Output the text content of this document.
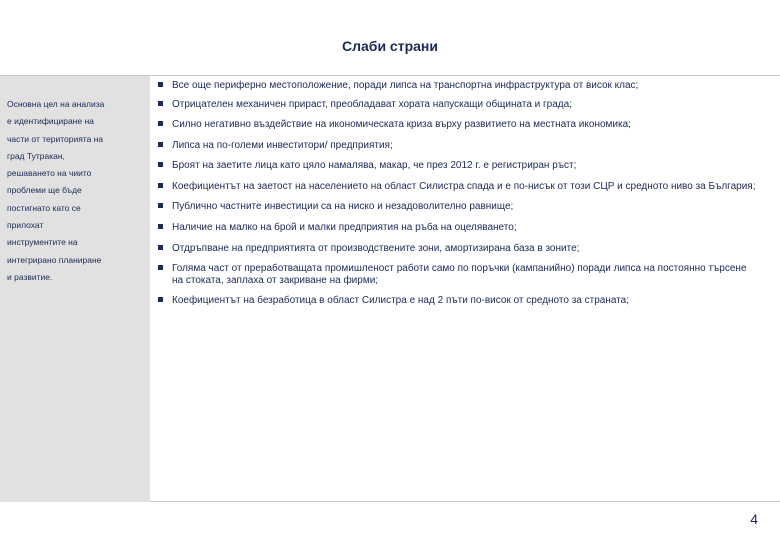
Слаби страни
Основна цел на анализа
е идентифициране на
части от територията на
град Тутракан,
решаването на чиито
проблеми ще бъде
постигнато като се
прилохат
инструментите на
интегрирано планиране
и развитие.
Все още периферно местоположение, поради липса на транспортна инфраструктура от висок клас;
Отрицателен механичен прираст, преобладават хората напускащи общината и града;
Силно негативно въздействие на икономическата криза върху развитието на местната икономика;
Липса на по-големи инвеститори/ предприятия;
Броят на заетите лица като цяло намалява, макар, че през 2012 г. е регистриран ръст;
Коефициентът на заетост на населението на област Силистра спада и е по-нисък от този СЦР и средното ниво за България;
Публично частните инвестиции са на ниско и незадоволително равнище;
Наличие на малко на брой и малки предприятия на ръба на оцеляването;
Отдръпване на предприятията от производствените зони, амортизирана база в зоните;
Голяма част от преработващата промишленост работи само по поръчки (кампанийно) поради липса на постоянно търсене на стоката, заплаха от закриване на фирми;
Коефициентът на безработица в област Силистра е над 2 пъти по-висок от средното за страната;
4
